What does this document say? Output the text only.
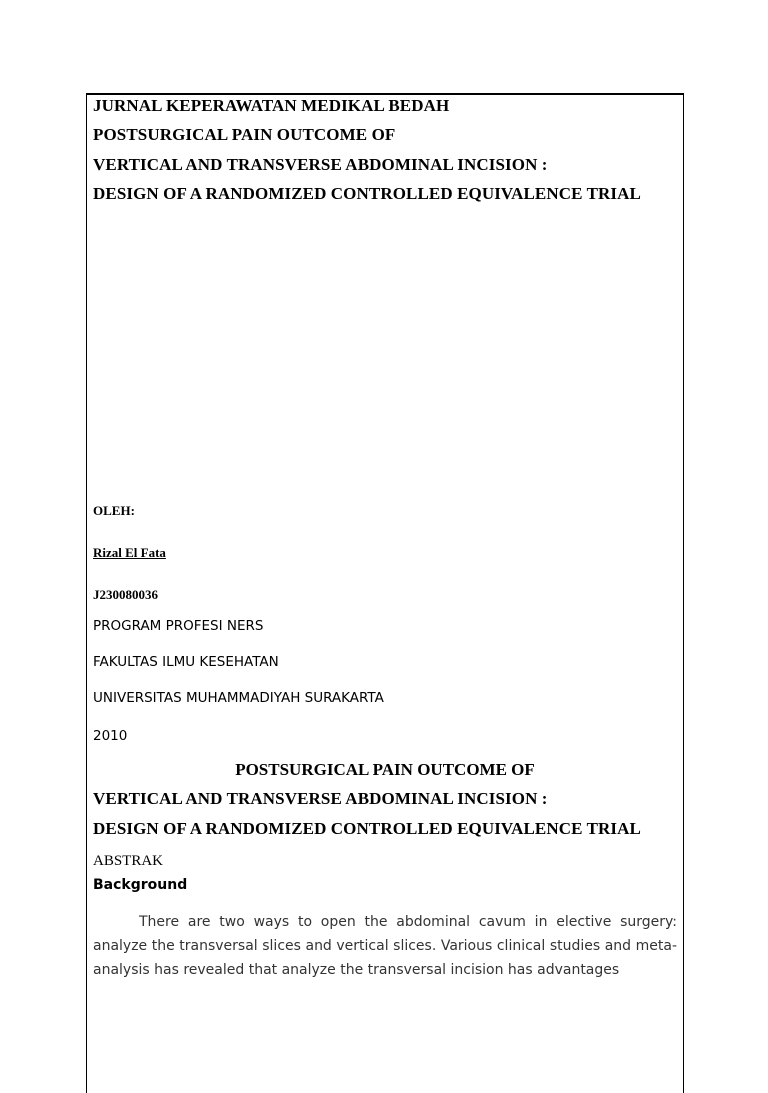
JURNAL KEPERAWATAN MEDIKAL BEDAH
POSTSURGICAL PAIN OUTCOME OF
VERTICAL AND TRANSVERSE ABDOMINAL INCISION :
DESIGN OF A RANDOMIZED CONTROLLED EQUIVALENCE TRIAL
OLEH:
Rizal El Fata
J230080036
PROGRAM PROFESI NERS
FAKULTAS ILMU KESEHATAN
UNIVERSITAS MUHAMMADIYAH SURAKARTA
2010
POSTSURGICAL PAIN OUTCOME OF
VERTICAL AND TRANSVERSE ABDOMINAL INCISION :
DESIGN OF A RANDOMIZED CONTROLLED EQUIVALENCE TRIAL
ABSTRAK
Background
There are two ways to open the abdominal cavum in elective surgery: analyze the transversal slices and vertical slices. Various clinical studies and meta-analysis has revealed that analyze the transversal incision has advantages
